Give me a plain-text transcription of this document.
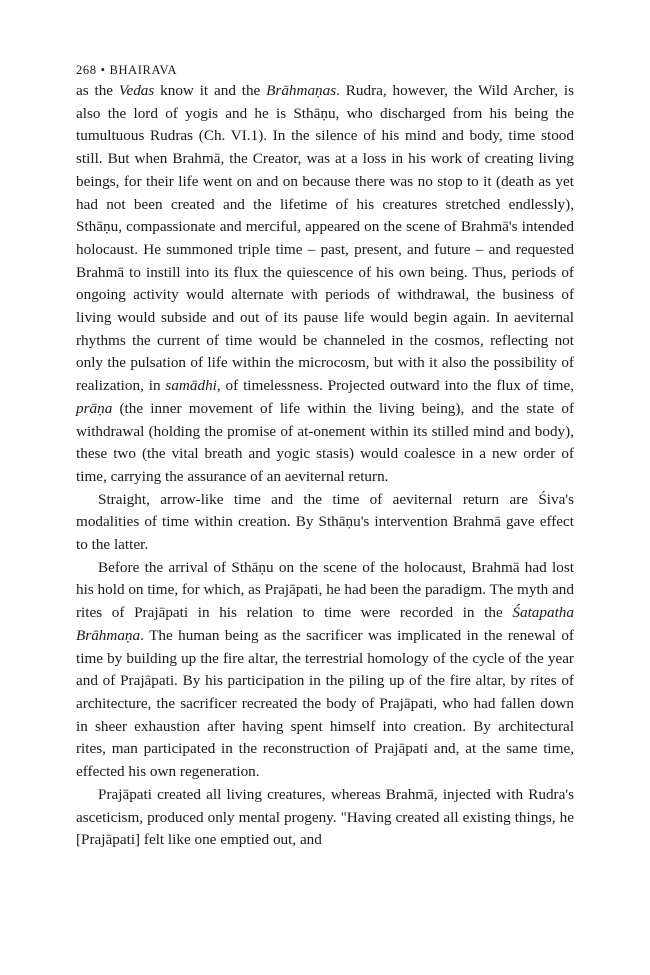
268 • BHAIRAVA

as the Vedas know it and the Brāhmaṇas. Rudra, however, the Wild Archer, is also the lord of yogis and he is Sthāṇu, who discharged from his being the tumultuous Rudras (Ch. VI.1). In the silence of his mind and body, time stood still. But when Brahmā, the Creator, was at a loss in his work of creating living beings, for their life went on and on because there was no stop to it (death as yet had not been created and the lifetime of his creatures stretched endlessly), Sthāṇu, compassionate and merciful, appeared on the scene of Brahmā's intended holocaust. He summoned triple time – past, present, and future – and requested Brahmā to instill into its flux the quiescence of his own being. Thus, periods of ongoing activity would alternate with periods of withdrawal, the business of living would subside and out of its pause life would begin again. In aeviternal rhythms the current of time would be channeled in the cosmos, reflecting not only the pulsation of life within the microcosm, but with it also the possibility of realization, in samādhi, of timelessness. Projected outward into the flux of time, prāṇa (the inner movement of life within the living being), and the state of withdrawal (holding the promise of at-onement within its stilled mind and body), these two (the vital breath and yogic stasis) would coalesce in a new order of time, carrying the assurance of an aeviternal return.

Straight, arrow-like time and the time of aeviternal return are Śiva's modalities of time within creation. By Sthāṇu's intervention Brahmā gave effect to the latter.

Before the arrival of Sthāṇu on the scene of the holocaust, Brahmā had lost his hold on time, for which, as Prajāpati, he had been the paradigm. The myth and rites of Prajāpati in his relation to time were recorded in the Śatapatha Brāhmaṇa. The human being as the sacrificer was implicated in the renewal of time by building up the fire altar, the terrestrial homology of the cycle of the year and of Prajāpati. By his participation in the piling up of the fire altar, by rites of architecture, the sacrificer recreated the body of Prajāpati, who had fallen down in sheer exhaustion after having spent himself into creation. By architectural rites, man participated in the reconstruction of Prajāpati and, at the same time, effected his own regeneration.

Prajāpati created all living creatures, whereas Brahmā, injected with Rudra's asceticism, produced only mental progeny. "Having created all existing things, he [Prajāpati] felt like one emptied out, and
